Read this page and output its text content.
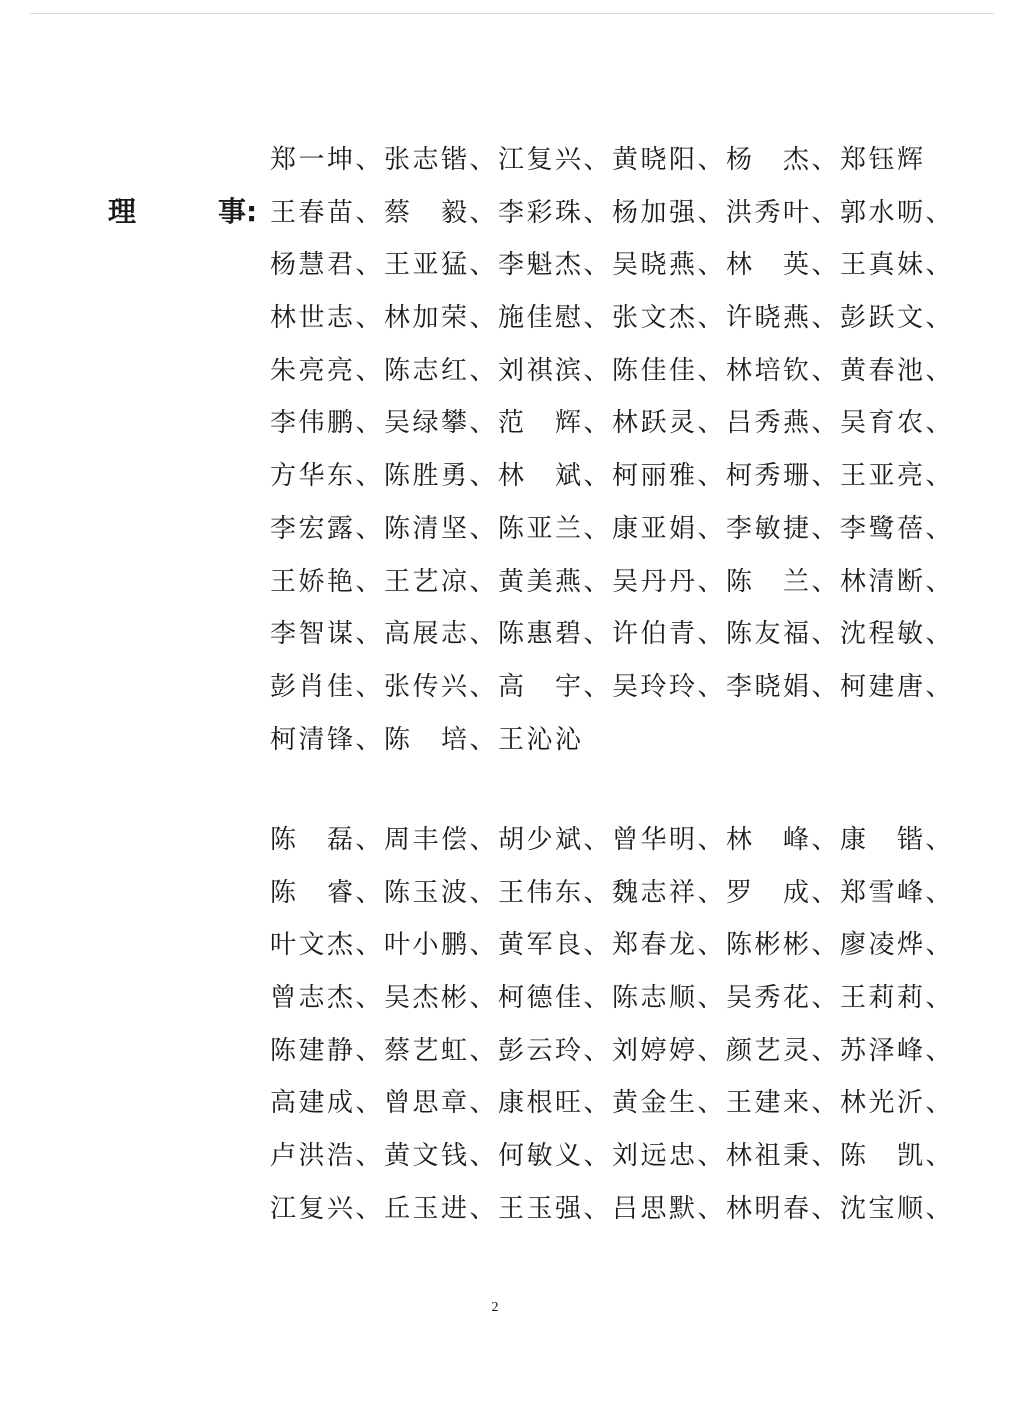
理	事:
郑一坤、张志锴、江复兴、黄晓阳、杨　杰、郑钰辉
王春苗、蔡　毅、李彩珠、杨加强、洪秀叶、郭水呖、
杨慧君、王亚猛、李魁杰、吴晓燕、林　英、王真妹、
林世志、林加荣、施佳慰、张文杰、许晓燕、彭跃文、
朱亮亮、陈志红、刘祺滨、陈佳佳、林培钦、黄春池、
李伟鹏、吴绿攀、范　辉、林跃灵、吕秀燕、吴育农、
方华东、陈胜勇、林　斌、柯丽雅、柯秀珊、王亚亮、
李宏露、陈清坚、陈亚兰、康亚娟、李敏捷、李鹭蓓、
王娇艳、王艺凉、黄美燕、吴丹丹、陈　兰、林清断、
李智谋、高展志、陈惠碧、许伯青、陈友福、沈程敏、
彭肖佳、张传兴、高　宇、吴玲玲、李晓娟、柯建唐、
柯清锋、陈　培、王沁沁
陈　磊、周丰偿、胡少斌、曾华明、林　峰、康　锴、
陈　睿、陈玉波、王伟东、魏志祥、罗　成、郑雪峰、
叶文杰、叶小鹏、黄军良、郑春龙、陈彬彬、廖凌烨、
曾志杰、吴杰彬、柯德佳、陈志顺、吴秀花、王莉莉、
陈建静、蔡艺虹、彭云玲、刘婷婷、颜艺灵、苏泽峰、
高建成、曾思章、康根旺、黄金生、王建来、林光沂、
卢洪浩、黄文钱、何敏义、刘远忠、林祖秉、陈　凯、
江复兴、丘玉进、王玉强、吕思默、林明春、沈宝顺、
2
